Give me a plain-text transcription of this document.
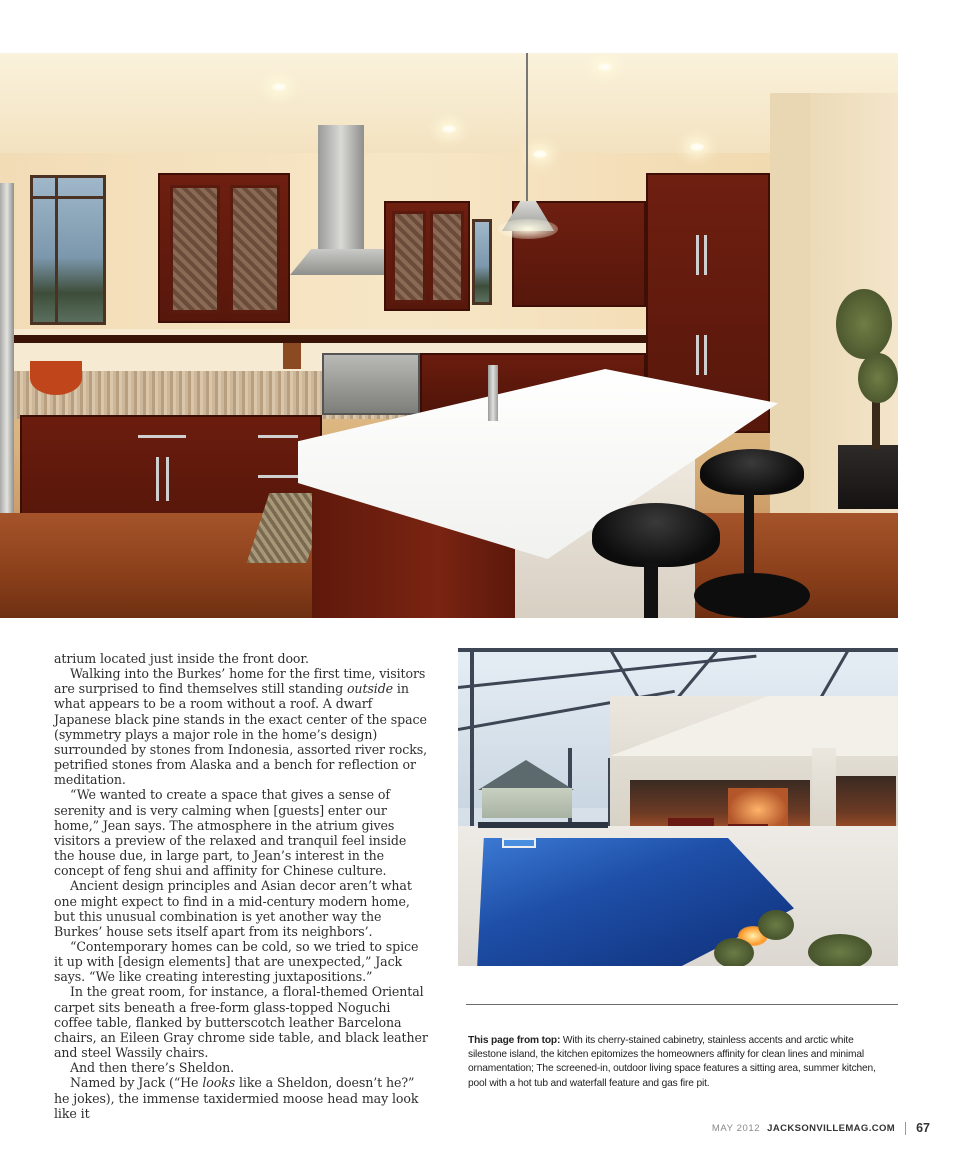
atrium located just inside the front door.

Walking into the Burkes’ home for the first time, visitors are surprised to find themselves still standing outside in what appears to be a room without a roof. A dwarf Japanese black pine stands in the exact center of the space (symmetry plays a major role in the home’s design) surrounded by stones from Indonesia, assorted river rocks, petrified stones from Alaska and a bench for reflection or meditation.

“We wanted to create a space that gives a sense of serenity and is very calming when [guests] enter our home,” Jean says. The atmosphere in the atrium gives visitors a preview of the relaxed and tranquil feel inside the house due, in large part, to Jean’s interest in the concept of feng shui and affinity for Chinese culture.

Ancient design principles and Asian decor aren’t what one might expect to find in a mid-century modern home, but this unusual combination is yet another way the Burkes’ house sets itself apart from its neighbors’.

“Contemporary homes can be cold, so we tried to spice it up with [design elements] that are unexpected,” Jack says. “We like creating interesting juxtapositions.”

In the great room, for instance, a floral-themed Oriental carpet sits beneath a free-form glass-topped Noguchi coffee table, flanked by butterscotch leather Barcelona chairs, an Eileen Gray chrome side table, and black leather and steel Wassily chairs.

And then there’s Sheldon.

Named by Jack (“He looks like a Sheldon, doesn’t he?” he jokes), the immense taxidermied moose head may look like it

This page from top: With its cherry-stained cabinetry, stainless accents and arctic white silestone island, the kitchen epitomizes the homeowners affinity for clean lines and minimal ornamentation; The screened-in, outdoor living space features a sitting area, summer kitchen, pool with a hot tub and waterfall feature and gas fire pit.
MAY 2012 JACKSONVILLEMAG.COM 67
